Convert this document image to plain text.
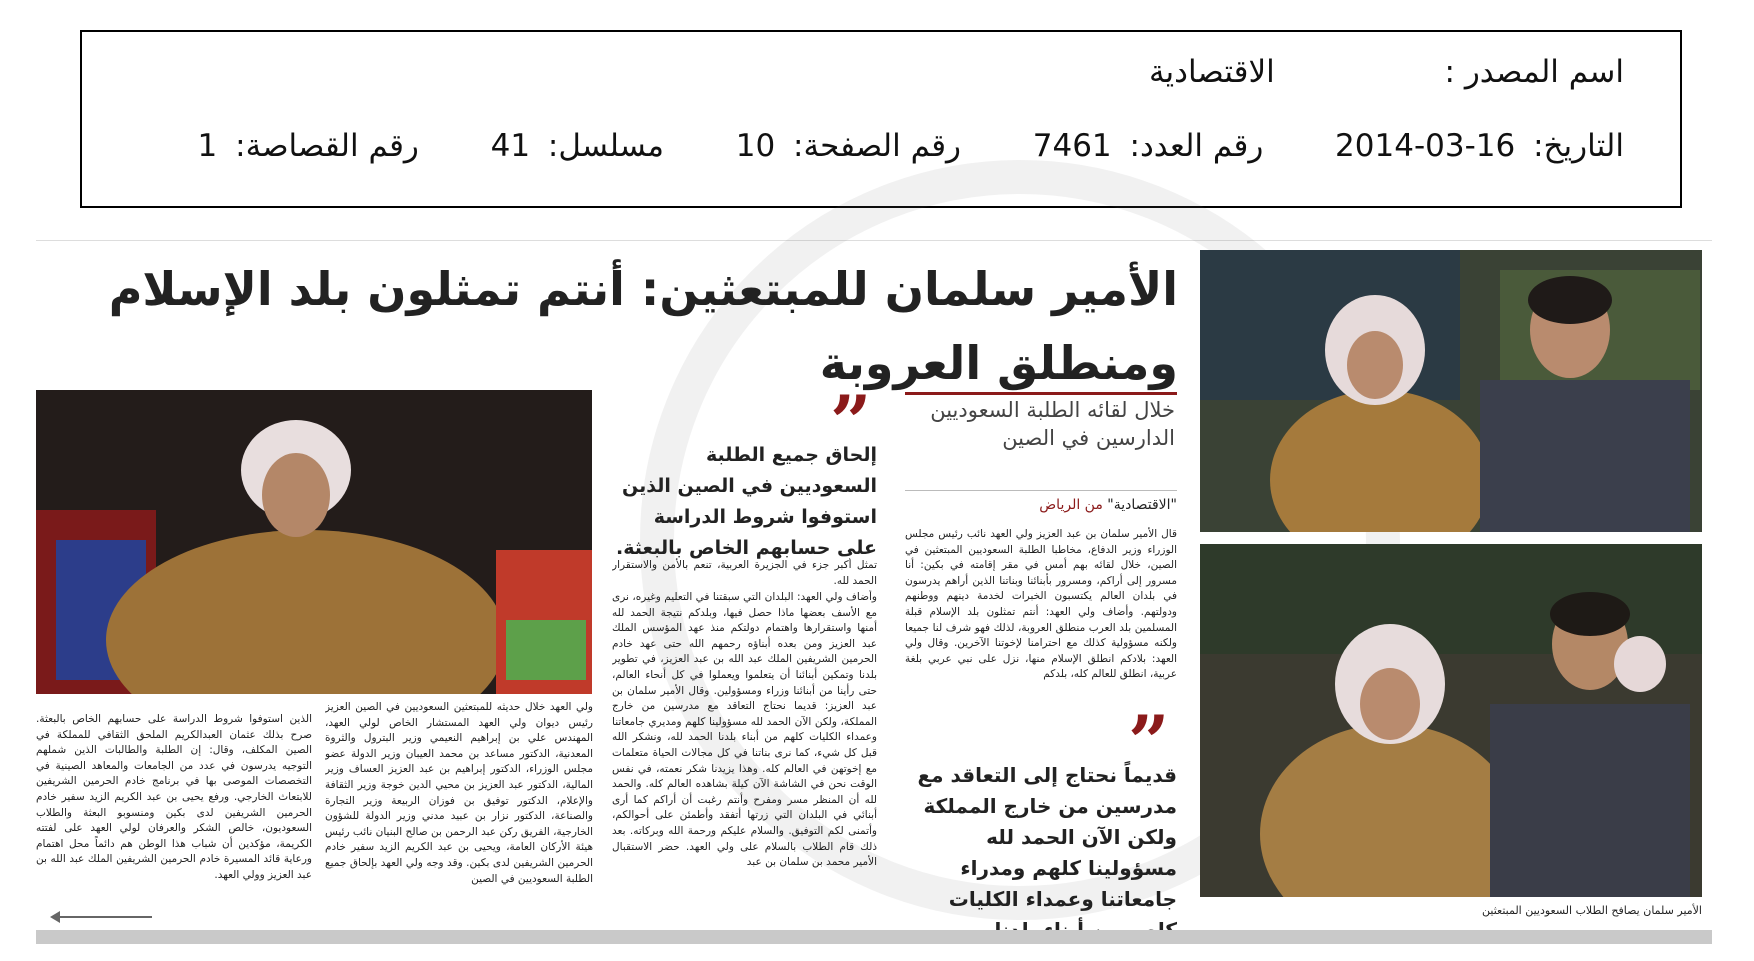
اسم المصدر :  الاقتصادية
التاريخ: 2014-03-16  رقم العدد: 7461  رقم الصفحة: 10  مسلسل: 41  رقم القصاصة: 1
الأمير سلمان للمبتعثين: أنتم تمثلون بلد الإسلام ومنطلق العروبة
الأمير سلمان يصافح الطلاب السعوديين المبتعثين
خلال لقائه الطلبة السعوديين الدارسين في الصين
"الاقتصادية" من الرياض
”
إلحاق جميع الطلبة السعوديين في الصين الذين استوفوا شروط الدراسة على حسابهم الخاص بالبعثة.
”
قديماً نحتاج إلى التعاقد مع مدرسين من خارج المملكة ولكن الآن الحمد لله مسؤولينا كلهم ومدراء جامعاتنا وعمداء الكليات
قال الأمير سلمان بن عبد العزيز ولي العهد نائب رئيس مجلس الوزراء وزير الدفاع، مخاطبا الطلبة السعوديين المبتعثين في الصين، خلال لقائه بهم أمس في مقر إقامته في بكين: أنا مسرور إلى أراكم، ومسرور بأبنائنا وبناتنا الذين أراهم يدرسون في بلدان العالم يكتسبون الخبرات لخدمة دينهم ووطنهم ودولتهم. وأضاف ولي العهد: أنتم تمثلون بلد الإسلام قبلة المسلمين بلد العرب منطلق العروبة، لذلك فهو شرف لنا جميعا ولكنه مسؤولية كذلك مع احترامنا لإخوتنا الآخرين. وقال ولي العهد: بلادكم انطلق الإسلام منها، نزل على نبي عربي بلغة عربية، انطلق للعالم كله، بلدكم
تمثل أكبر جزء في الجزيرة العربية، تنعم بالأمن والاستقرار الحمد لله.
وأضاف ولي العهد: البلدان التي سبقتنا في التعليم وغيره، نرى مع الأسف بعضها ماذا حصل فيها، وبلدكم نتيجة الحمد لله أمنها واستقرارها واهتمام دولتكم منذ عهد المؤسس الملك عبد العزيز ومن بعده أبناؤه رحمهم الله حتى عهد خادم الحرمين الشريفين الملك عبد الله بن عبد العزيز، في تطوير بلدنا وتمكين أبنائنا أن يتعلموا ويعملوا في كل أنحاء العالم، حتى رأينا من أبنائنا وزراء ومسؤولين. وقال الأمير سلمان بن عبد العزيز: قديما نحتاج التعاقد مع مدرسين من خارج المملكة، ولكن الآن الحمد لله مسؤولينا كلهم ومديري جامعاتنا وعمداء الكليات كلهم من أبناء بلدنا الحمد لله، ونشكر الله قبل كل شيء، كما نرى بناتنا في كل مجالات الحياة متعلمات مع إخوتهن في العالم كله. وهذا يزيدنا شكر نعمته، في نفس الوقت نحن في الشاشة الآن كيلة بشاهده العالم كله. والحمد لله أن المنظر مسر ومفرح وأنتم رغبت أن أراكم كما أرى أبنائي في البلدان التي زرتها أتفقد وأطمئن على أحوالكم، وأتمنى لكم التوفيق. والسلام عليكم ورحمة الله وبركاته. بعد ذلك قام الطلاب بالسلام على ولي العهد. حضر الاستقبال الأمير محمد بن سلمان بن عبد
ولي العهد خلال حديثه للمبتعثين السعوديين في الصين العزيز رئيس ديوان ولي العهد المستشار الخاص لولي العهد، المهندس علي بن إبراهيم النعيمي وزير البترول والثروة المعدنية، الدكتور مساعد بن محمد العيبان وزير الدولة عضو مجلس الوزراء، الدكتور إبراهيم بن عبد العزيز العساف وزير المالية، الدكتور عبد العزيز بن محيي الدين خوجة وزير الثقافة والإعلام، الدكتور توفيق بن فوزان الربيعة وزير التجارة والصناعة، الدكتور نزار بن عبيد مدني وزير الدولة للشؤون الخارجية، الفريق ركن عبد الرحمن بن صالح البنيان نائب رئيس هيئة الأركان العامة، ويحيى بن عبد الكريم الزيد سفير خادم الحرمين الشريفين لدى بكين. وقد وجه ولي العهد بإلحاق جميع الطلبة السعوديين في الصين
الذين استوفوا شروط الدراسة على حسابهم الخاص بالبعثة. صرح بذلك عثمان العبدالكريم الملحق الثقافي للمملكة في الصين المكلف، وقال: إن الطلبة والطالبات الذين شملهم التوجيه يدرسون في عدد من الجامعات والمعاهد الصينية في التخصصات الموصى بها في برنامج خادم الحرمين الشريفين للابتعاث الخارجي. ورفع يحيى بن عبد الكريم الزيد سفير خادم الحرمين الشريفين لدى بكين ومنسوبو البعثة والطلاب السعوديون، خالص الشكر والعرفان لولي العهد على لفتته الكريمة، مؤكدين أن شباب هذا الوطن هم دائماً محل اهتمام ورعاية قائد المسيرة خادم الحرمين الشريفين الملك عبد الله بن عبد العزيز وولي العهد.
